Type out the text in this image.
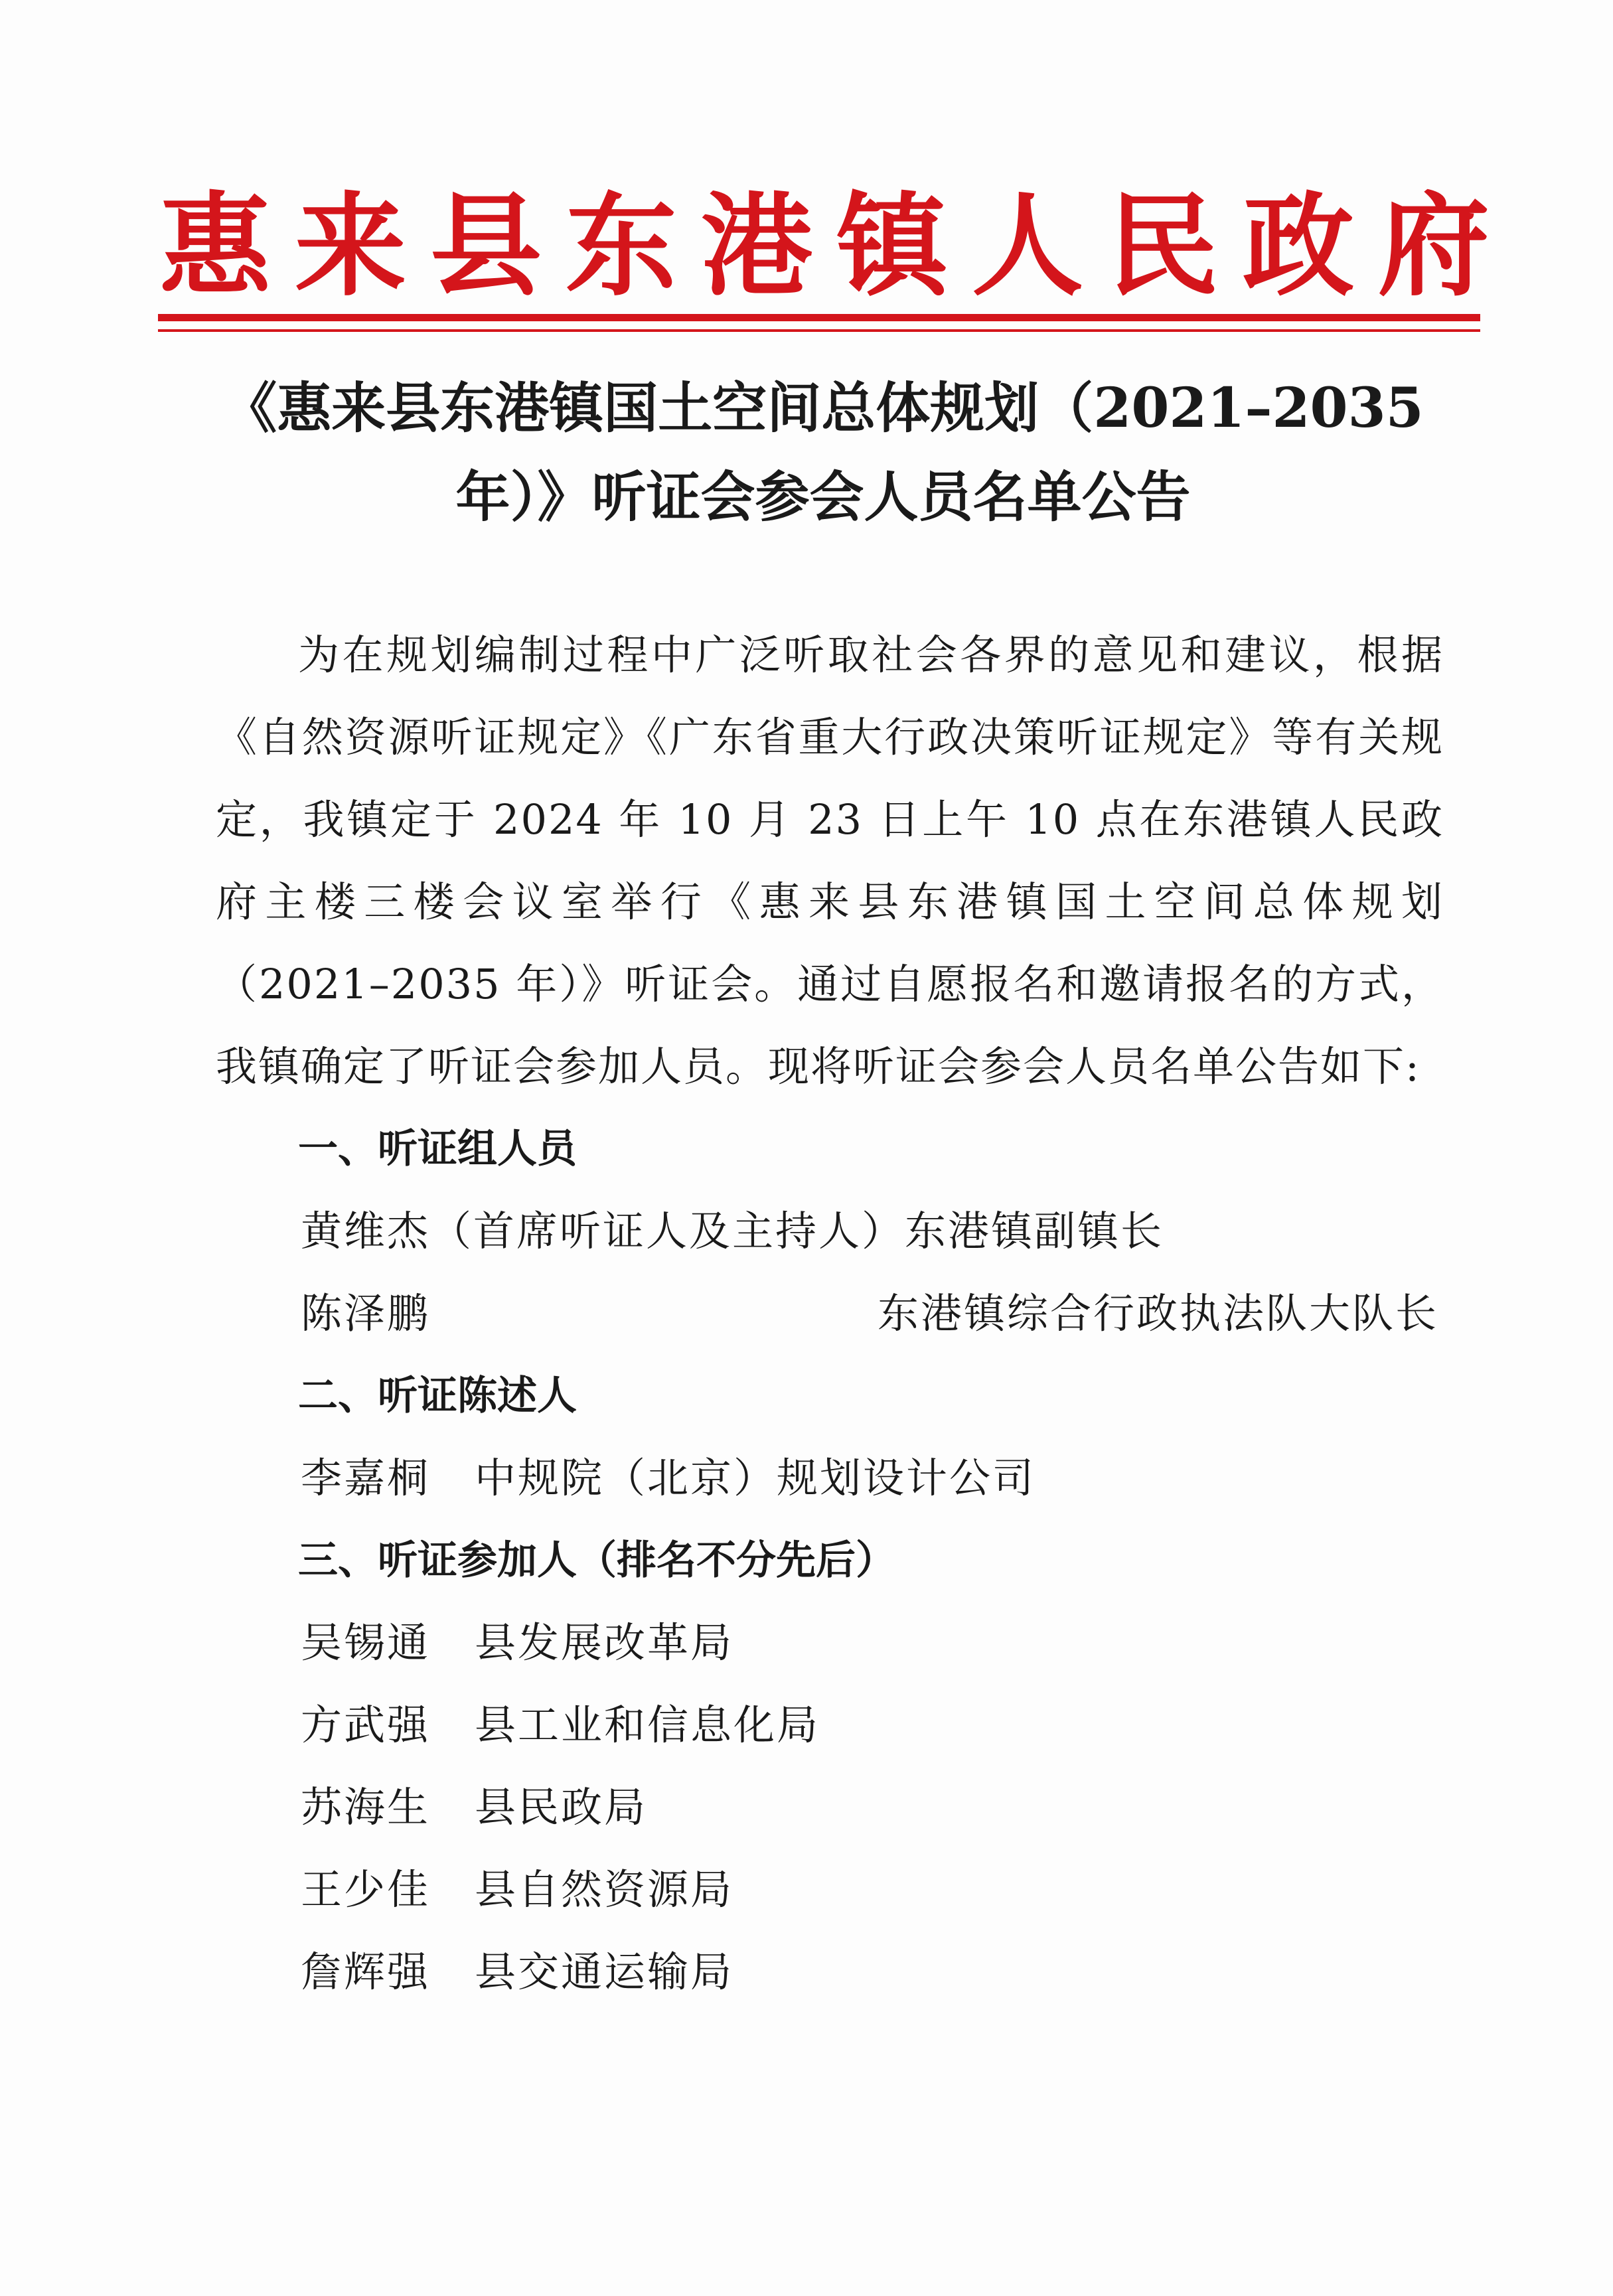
惠来县东港镇人民政府
《惠来县东港镇国土空间总体规划（2021–2035
年）》听证会参会人员名单公告

为在规划编制过程中广泛听取社会各界的意见和建议，根据《自然资源听证规定》《广东省重大行政决策听证规定》等有关规定，我镇定于 2024 年 10 月 23 日上午 10 点在东港镇人民政府主楼三楼会议室举行《惠来县东港镇国土空间总体规划（2021–2035 年）》听证会。通过自愿报名和邀请报名的方式，我镇确定了听证会参加人员。现将听证会参会人员名单公告如下:

一、听证组人员

黄维杰（首席听证人及主持人） 东港镇副镇长
陈泽鹏	东港镇综合行政执法队大队长

二、听证陈述人

李嘉桐	中规院（北京）规划设计公司

三、听证参加人（排名不分先后）

吴锡通	县发展改革局
方武强	县工业和信息化局
苏海生	县民政局
王少佳	县自然资源局
詹辉强	县交通运输局
